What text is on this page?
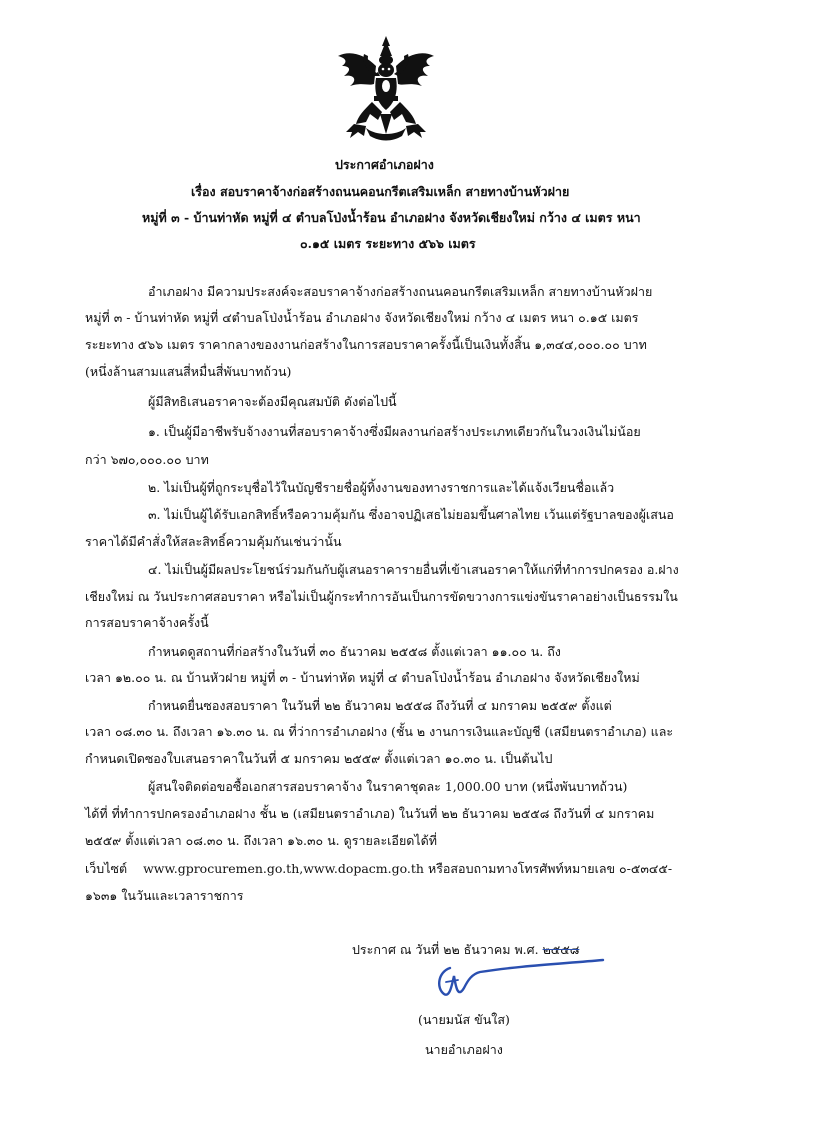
ประกาศอำเภอฝาง
เรื่อง สอบราคาจ้างก่อสร้างถนนคอนกรีตเสริมเหล็ก สายทางบ้านหัวฝาย
หมู่ที่ ๓ - บ้านท่าหัด หมู่ที่ ๔ ตำบลโป่งน้ำร้อน อำเภอฝาง จังหวัดเชียงใหม่ กว้าง ๔ เมตร หนา
๐.๑๕ เมตร ระยะทาง ๕๖๖ เมตร
อำเภอฝาง มีความประสงค์จะสอบราคาจ้างก่อสร้างถนนคอนกรีตเสริมเหล็ก สายทางบ้านหัวฝาย
หมู่ที่ ๓ - บ้านท่าหัด หมู่ที่ ๔ตำบลโป่งน้ำร้อน อำเภอฝาง จังหวัดเชียงใหม่ กว้าง ๔ เมตร หนา ๐.๑๕ เมตร
ระยะทาง ๕๖๖ เมตร ราคากลางของงานก่อสร้างในการสอบราคาครั้งนี้เป็นเงินทั้งสิ้น ๑,๓๔๔,๐๐๐.๐๐ บาท
(หนึ่งล้านสามแสนสี่หมื่นสี่พันบาทถ้วน)
ผู้มีสิทธิเสนอราคาจะต้องมีคุณสมบัติ ดังต่อไปนี้
๑. เป็นผู้มีอาชีพรับจ้างงานที่สอบราคาจ้างซึ่งมีผลงานก่อสร้างประเภทเดียวกันในวงเงินไม่น้อย
กว่า ๖๗๐,๐๐๐.๐๐ บาท
๒. ไม่เป็นผู้ที่ถูกระบุชื่อไว้ในบัญชีรายชื่อผู้ทิ้งงานของทางราชการและได้แจ้งเวียนชื่อแล้ว
๓. ไม่เป็นผู้ได้รับเอกสิทธิ์หรือความคุ้มกัน ซึ่งอาจปฏิเสธไม่ยอมขึ้นศาลไทย เว้นแต่รัฐบาลของผู้เสนอ
ราคาได้มีคำสั่งให้สละสิทธิ์ความคุ้มกันเช่นว่านั้น
๔. ไม่เป็นผู้มีผลประโยชน์ร่วมกันกับผู้เสนอราคารายอื่นที่เข้าเสนอราคาให้แก่ที่ทำการปกครอง อ.ฝาง
เชียงใหม่ ณ วันประกาศสอบราคา หรือไม่เป็นผู้กระทำการอันเป็นการขัดขวางการแข่งขันราคาอย่างเป็นธรรมใน
การสอบราคาจ้างครั้งนี้
กำหนดดูสถานที่ก่อสร้างในวันที่ ๓๐ ธันวาคม ๒๕๕๘ ตั้งแต่เวลา ๑๑.๐๐ น. ถึง
เวลา ๑๒.๐๐ น. ณ บ้านหัวฝาย หมู่ที่ ๓ - บ้านท่าหัด หมู่ที่ ๔ ตำบลโป่งน้ำร้อน อำเภอฝาง จังหวัดเชียงใหม่
กำหนดยื่นซองสอบราคา ในวันที่ ๒๒ ธันวาคม ๒๕๕๘ ถึงวันที่ ๔ มกราคม ๒๕๕๙ ตั้งแต่
เวลา ๐๘.๓๐ น. ถึงเวลา ๑๖.๓๐ น. ณ ที่ว่าการอำเภอฝาง (ชั้น ๒ งานการเงินและบัญชี (เสมียนตราอำเภอ) และ
กำหนดเปิดซองใบเสนอราคาในวันที่ ๕ มกราคม ๒๕๕๙ ตั้งแต่เวลา ๑๐.๓๐ น. เป็นต้นไป
ผู้สนใจติดต่อขอซื้อเอกสารสอบราคาจ้าง ในราคาชุดละ 1,000.00 บาท (หนึ่งพันบาทถ้วน)
ได้ที่ ที่ทำการปกครองอำเภอฝาง ชั้น ๒ (เสมียนตราอำเภอ) ในวันที่ ๒๒ ธันวาคม ๒๕๕๘ ถึงวันที่ ๔ มกราคม
๒๕๕๙ ตั้งแต่เวลา ๐๘.๓๐ น. ถึงเวลา ๑๖.๓๐ น. ดูรายละเอียดได้ที่
เว็บไซต์ www.gprocuremen.go.th,www.dopacm.go.th หรือสอบถามทางโทรศัพท์หมายเลข ๐-๕๓๔๕-
๑๖๓๑ ในวันและเวลาราชการ
ประกาศ ณ วันที่ ๒๒ ธันวาคม พ.ศ. ๒๕๕๘
(นายมนัส ขันใส)
นายอำเภอฝาง
